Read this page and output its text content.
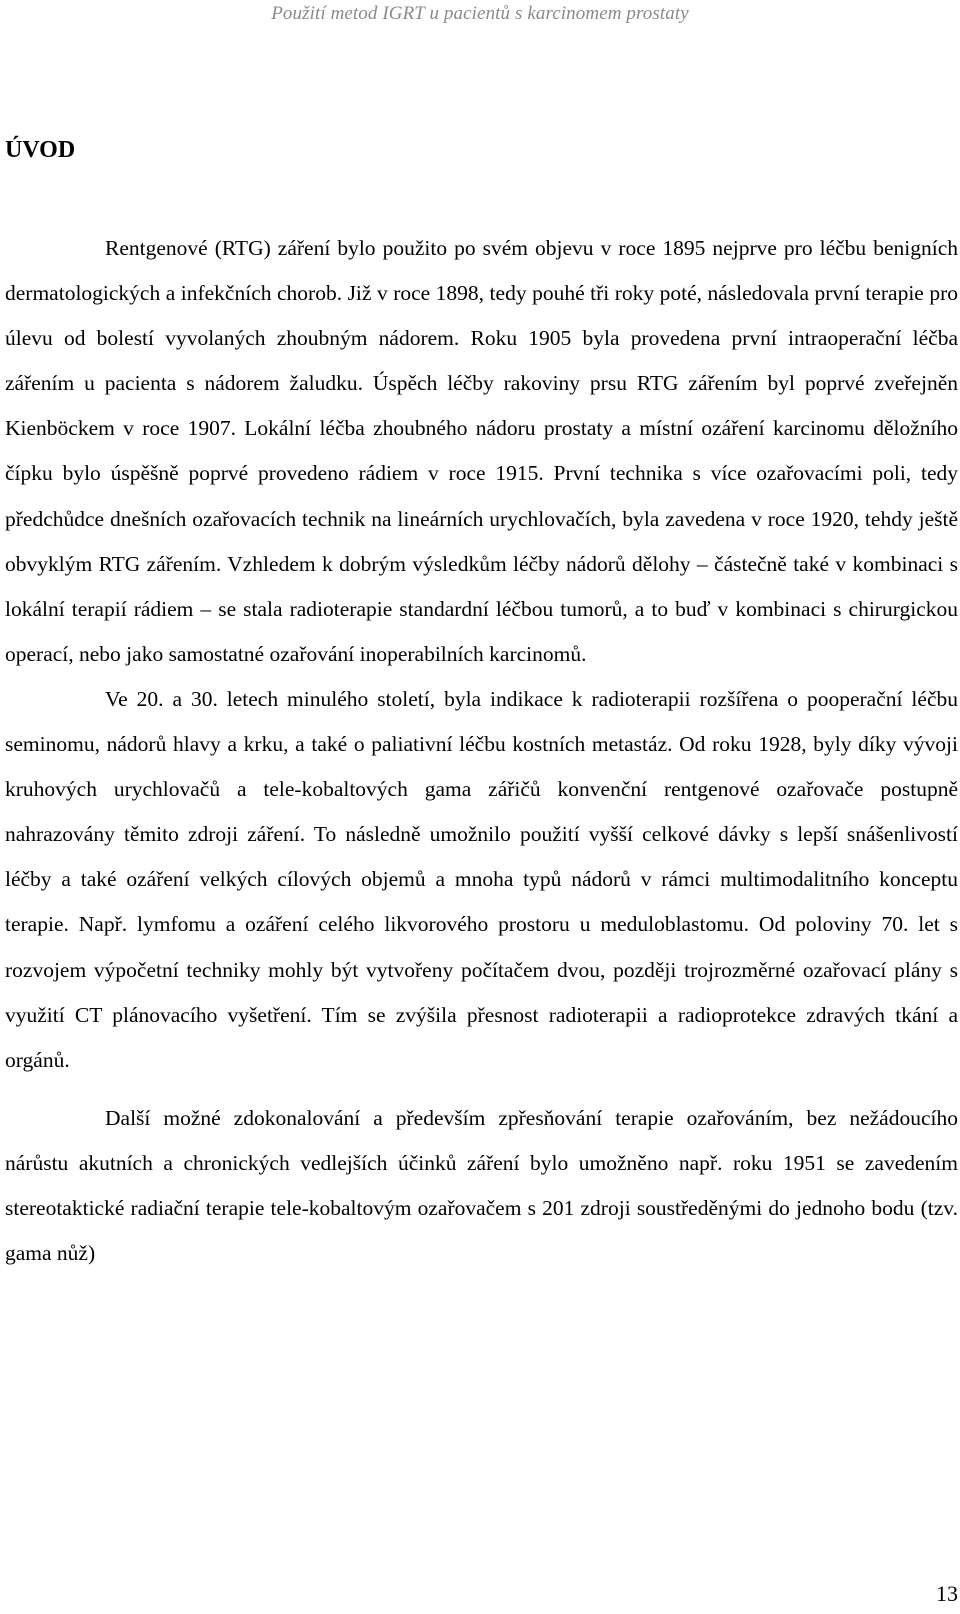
Použití metod IGRT u pacientů s karcinomem prostaty
ÚVOD

Rentgenové (RTG) záření bylo použito po svém objevu v roce 1895 nejprve pro léčbu benigních dermatologických a infekčních chorob. Již v roce 1898, tedy pouhé tři roky poté, následovala první terapie pro úlevu od bolestí vyvolaných zhoubným nádorem. Roku 1905 byla provedena první intraoperační léčba zářením u pacienta s nádorem žaludku. Úspěch léčby rakoviny prsu RTG zářením byl poprvé zveřejněn Kienböckem v roce 1907. Lokální léčba zhoubného nádoru prostaty a místní ozáření karcinomu děložního čípku bylo úspěšně poprvé provedeno rádiem v roce 1915. První technika s více ozařovacími poli, tedy předchůdce dnešních ozařovacích technik na lineárních urychlovačích, byla zavedena v roce 1920, tehdy ještě obvyklým RTG zářením. Vzhledem k dobrým výsledkům léčby nádorů dělohy – částečně také v kombinaci s lokální terapií rádiem – se stala radioterapie standardní léčbou tumorů, a to buď v kombinaci s chirurgickou operací, nebo jako samostatné ozařování inoperabilních karcinomů.

Ve 20. a 30. letech minulého století, byla indikace k radioterapii rozšířena o pooperační léčbu seminomu, nádorů hlavy a krku, a také o paliativní léčbu kostních metastáz. Od roku 1928, byly díky vývoji kruhových urychlovačů a tele-kobaltových gama zářičů konvenční rentgenové ozařovače postupně nahrazovány těmito zdroji záření. To následně umožnilo použití vyšší celkové dávky s lepší snášenlivostí léčby a také ozáření velkých cílových objemů a mnoha typů nádorů v rámci multimodalitního konceptu terapie. Např. lymfomu a ozáření celého likvorového prostoru u meduloblastomu. Od poloviny 70. let s rozvojem výpočetní techniky mohly být vytvořeny počítačem dvou, později trojrozměrné ozařovací plány s využití CT plánovacího vyšetření. Tím se zvýšila přesnost radioterapii a radioprotekce zdravých tkání a orgánů.

Další možné zdokonalování a především zpřesňování terapie ozařováním, bez nežádoucího nárůstu akutních a chronických vedlejších účinků záření bylo umožněno např. roku 1951 se zavedením stereotaktické radiační terapie tele-kobaltovým ozařovačem s 201 zdroji soustředěnými do jednoho bodu (tzv. gama nůž)

13
